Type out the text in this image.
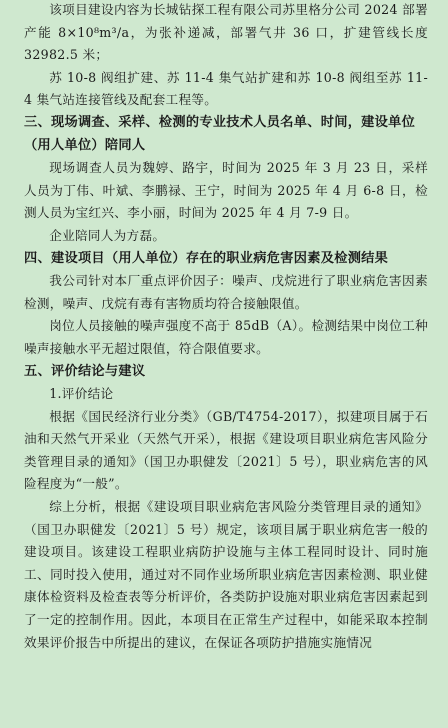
该项目建设内容为长城钻探工程有限公司苏里格分公司 2024 部署产能 8×10⁸m³/a，为张补递减，部署气井 36 口，扩建管线长度 32982.5 米；

苏 10-8 阀组扩建、苏 11-4 集气站扩建和苏 10-8 阀组至苏 11-4 集气站连接管线及配套工程等。

三、现场调查、采样、检测的专业技术人员名单、时间，建设单位（用人单位）陪同人

现场调查人员为魏婷、路宇，时间为 2025 年 3 月 23 日，采样人员为丁伟、叶斌、李鹏禄、王宁，时间为 2025 年 4 月 6-8 日，检测人员为宝红兴、李小丽，时间为 2025 年 4 月 7-9 日。

企业陪同人为方磊。

四、建设项目（用人单位）存在的职业病危害因素及检测结果

我公司针对本厂重点评价因子：噪声、戊烷进行了职业病危害因素检测，噪声、戊烷有毒有害物质均符合接触限值。

岗位人员接触的噪声强度不高于 85dB（A）。检测结果中岗位工种噪声接触水平无超过限值，符合限值要求。

五、评价结论与建议

1.评价结论

根据《国民经济行业分类》（GB/T4754-2017），拟建项目属于石油和天然气开采业（天然气开采），根据《建设项目职业病危害风险分类管理目录的通知》（国卫办职健发〔2021〕5 号），职业病危害的风险程度为“一般”。

综上分析，根据《建设项目职业病危害风险分类管理目录的通知》（国卫办职健发〔2021〕5 号）规定，该项目属于职业病危害一般的建设项目。该建设工程职业病防护设施与主体工程同时设计、同时施工、同时投入使用，通过对不同作业场所职业病危害因素检测、职业健康体检资料及检查表等分析评价，各类防护设施对职业病危害因素起到了一定的控制作用。因此，本项目在正常生产过程中，如能采取本控制效果评价报告中所提出的建议，在保证各项防护措施实施情况
